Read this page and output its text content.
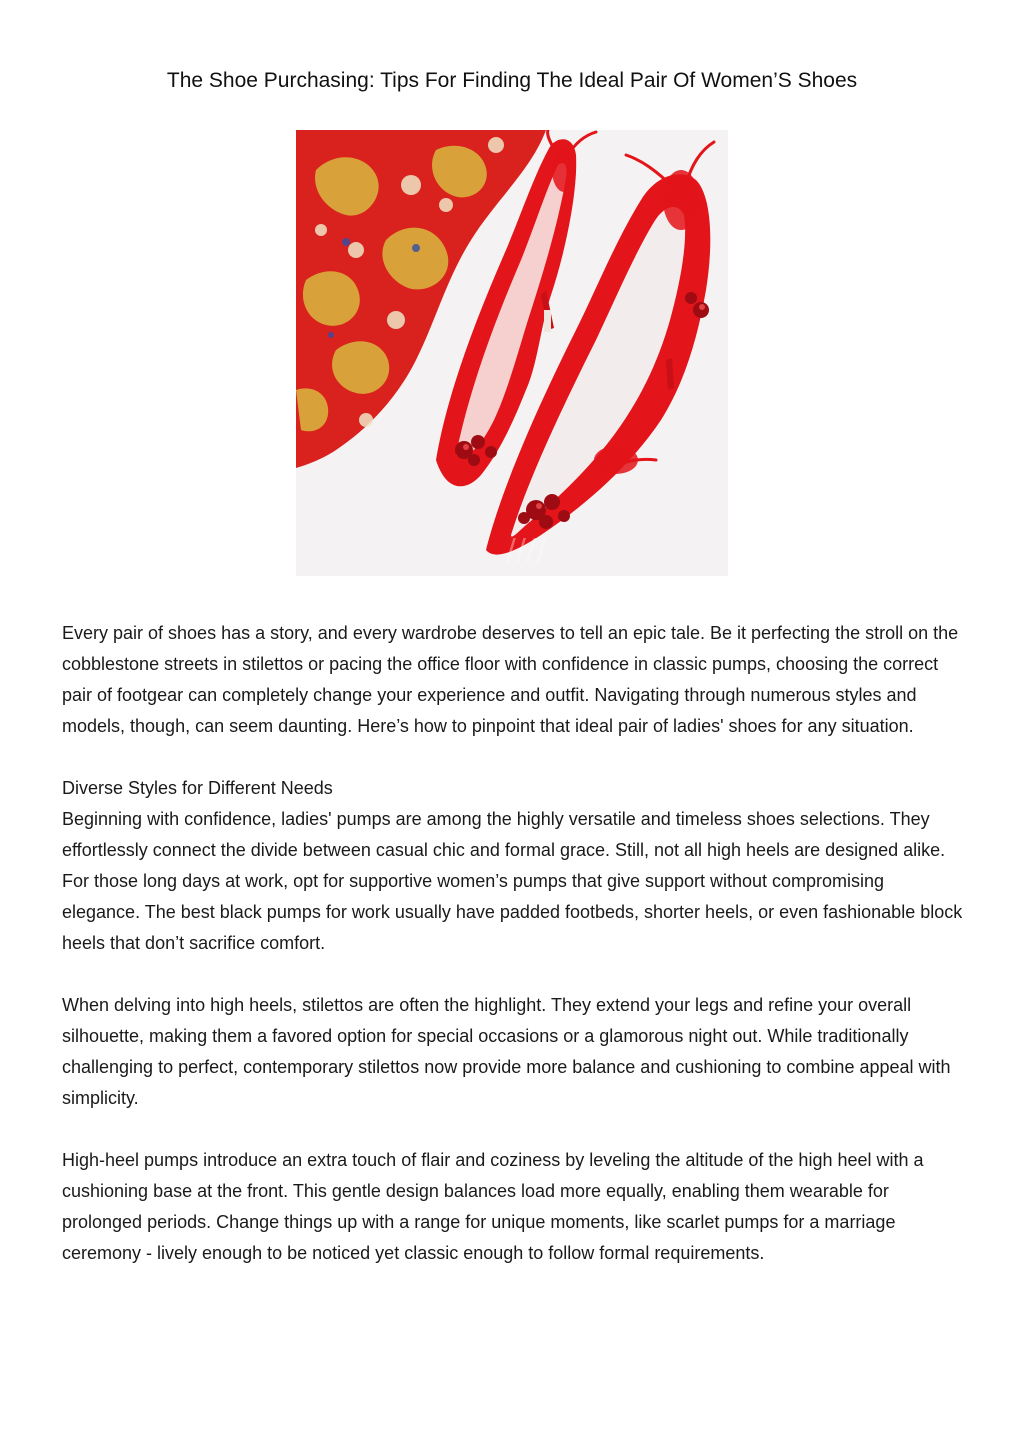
The Shoe Purchasing: Tips For Finding The Ideal Pair Of Women’S Shoes
////

Every pair of shoes has a story, and every wardrobe deserves to tell an epic tale. Be it perfecting the stroll on the cobblestone streets in stilettos or pacing the office floor with confidence in classic pumps, choosing the correct pair of footgear can completely change your experience and outfit. Navigating through numerous styles and models, though, can seem daunting. Here’s how to pinpoint that ideal pair of ladies' shoes for any situation.

Diverse Styles for Different Needs

Beginning with confidence, ladies' pumps are among the highly versatile and timeless shoes selections. They effortlessly connect the divide between casual chic and formal grace. Still, not all high heels are designed alike. For those long days at work, opt for supportive women’s pumps that give support without compromising elegance. The best black pumps for work usually have padded footbeds, shorter heels, or even fashionable block heels that don’t sacrifice comfort.

When delving into high heels, stilettos are often the highlight. They extend your legs and refine your overall silhouette, making them a favored option for special occasions or a glamorous night out. While traditionally challenging to perfect, contemporary stilettos now provide more balance and cushioning to combine appeal with simplicity.

High-heel pumps introduce an extra touch of flair and coziness by leveling the altitude of the high heel with a cushioning base at the front. This gentle design balances load more equally, enabling them wearable for prolonged periods. Change things up with a range for unique moments, like scarlet pumps for a marriage ceremony - lively enough to be noticed yet classic enough to follow formal requirements.
